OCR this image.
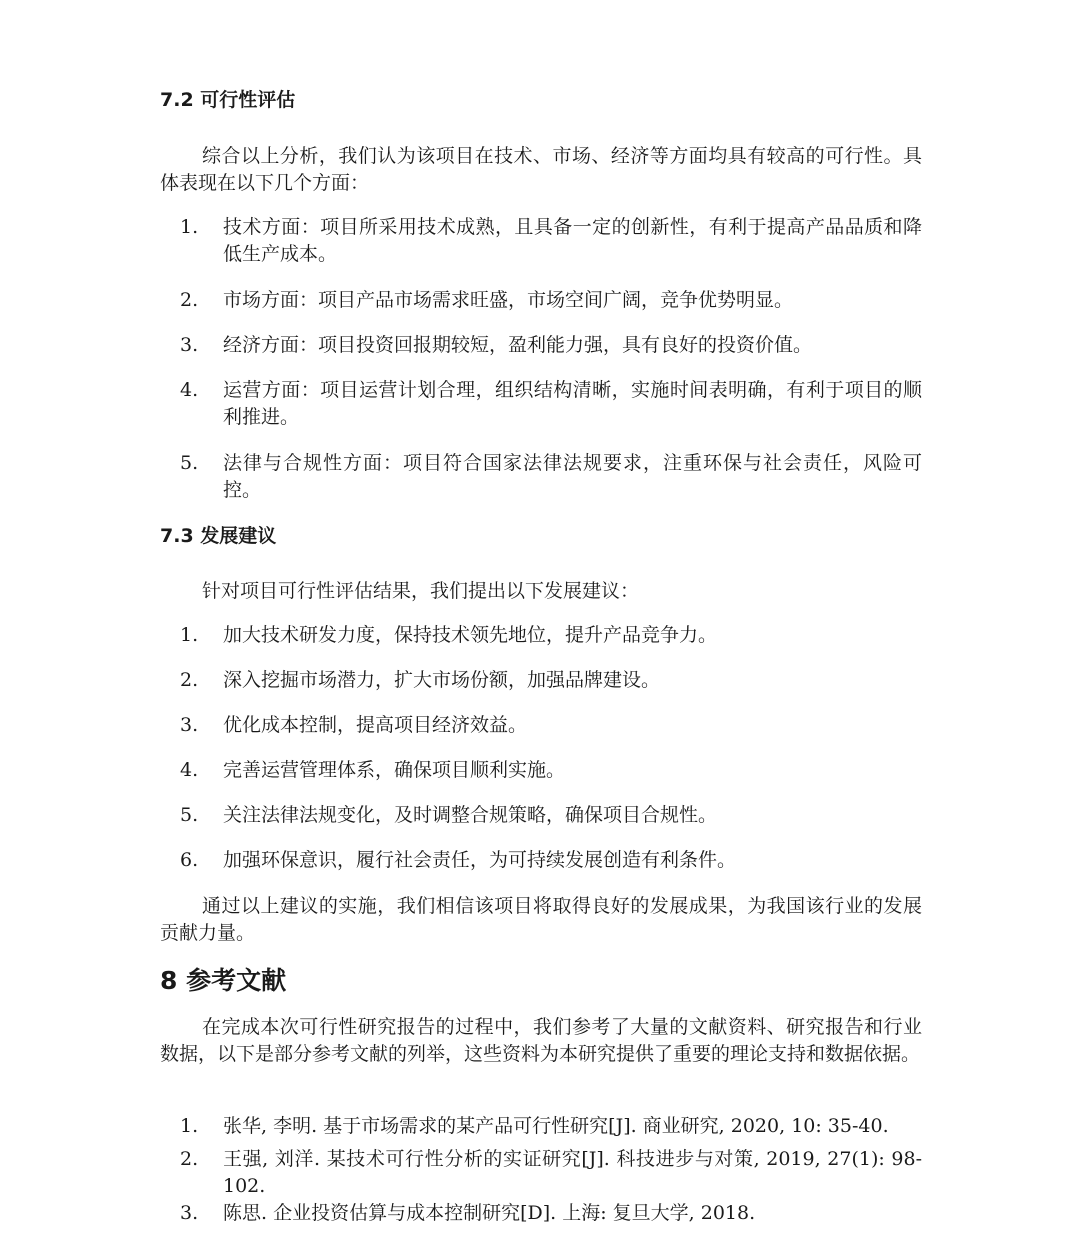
7.2 可行性评估
综合以上分析，我们认为该项目在技术、市场、经济等方面均具有较高的可行性。具体表现在以下几个方面：
1.	技术方面：项目所采用技术成熟，且具备一定的创新性，有利于提高产品品质和降低生产成本。
2.	市场方面：项目产品市场需求旺盛，市场空间广阔，竞争优势明显。
3.	经济方面：项目投资回报期较短，盈利能力强，具有良好的投资价值。
4.	运营方面：项目运营计划合理，组织结构清晰，实施时间表明确，有利于项目的顺利推进。
5.	法律与合规性方面：项目符合国家法律法规要求，注重环保与社会责任，风险可控。
7.3 发展建议
针对项目可行性评估结果，我们提出以下发展建议：
1.	加大技术研发力度，保持技术领先地位，提升产品竞争力。
2.	深入挖掘市场潜力，扩大市场份额，加强品牌建设。
3.	优化成本控制，提高项目经济效益。
4.	完善运营管理体系，确保项目顺利实施。
5.	关注法律法规变化，及时调整合规策略，确保项目合规性。
6.	加强环保意识，履行社会责任，为可持续发展创造有利条件。
通过以上建议的实施，我们相信该项目将取得良好的发展成果，为我国该行业的发展贡献力量。
8 参考文献
在完成本次可行性研究报告的过程中，我们参考了大量的文献资料、研究报告和行业数据，以下是部分参考文献的列举，这些资料为本研究提供了重要的理论支持和数据依据。
1.	张华, 李明. 基于市场需求的某产品可行性研究[J]. 商业研究, 2020, 10: 35-40.
2.	王强, 刘洋. 某技术可行性分析的实证研究[J]. 科技进步与对策, 2019, 27(1): 98-102.
3.	陈思. 企业投资估算与成本控制研究[D]. 上海: 复旦大学, 2018.
